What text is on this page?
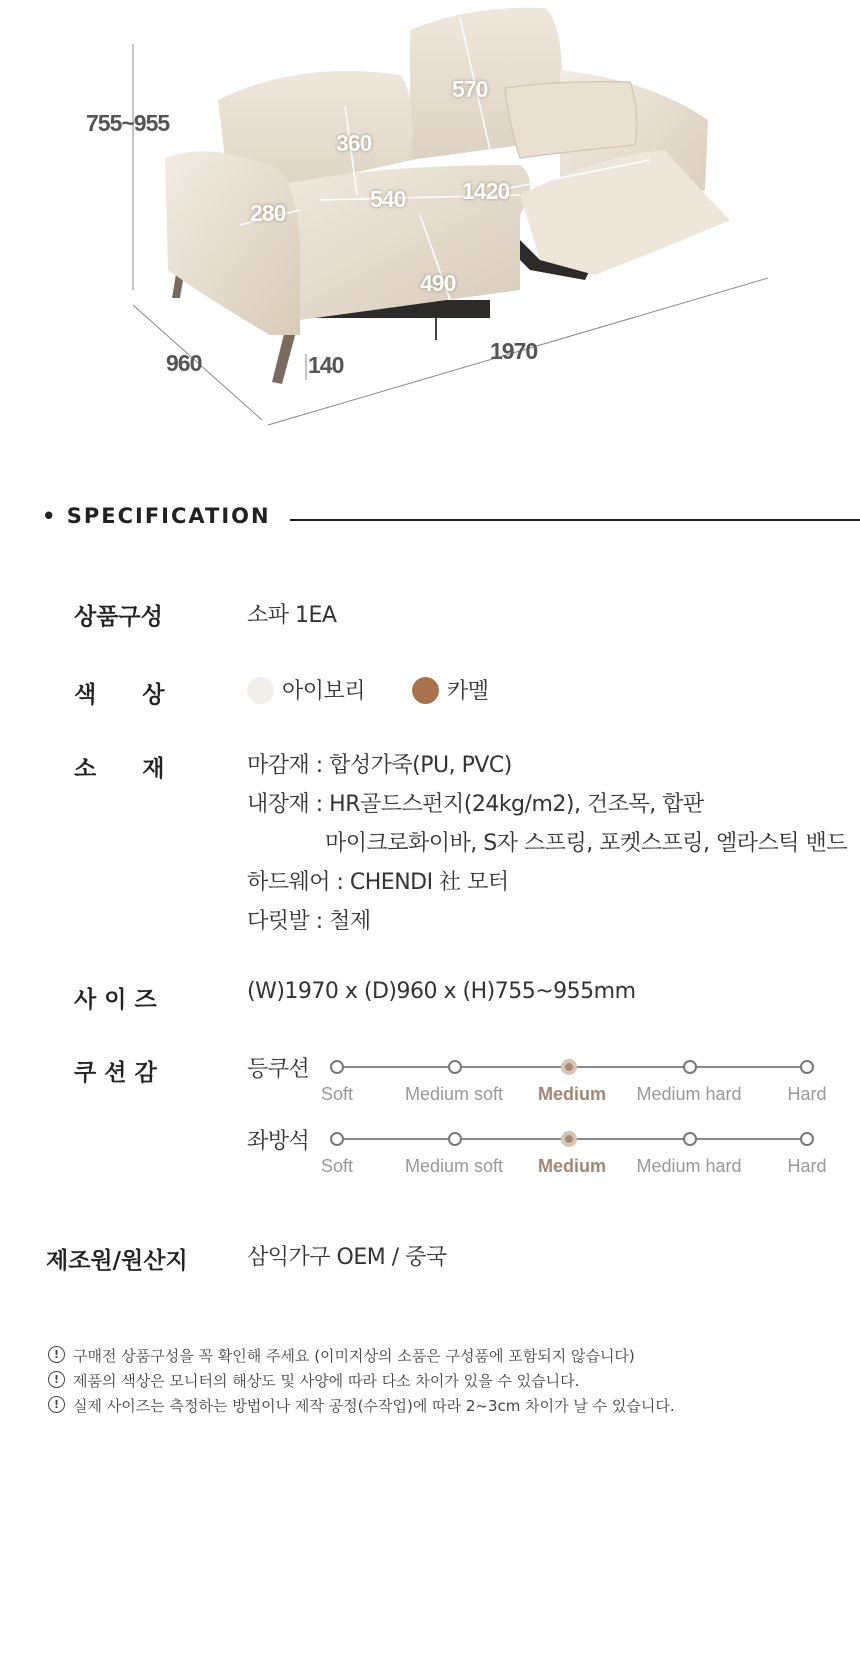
755~955
570
360
280
540 1420
490
960	140
1970
• SPECIFICATION
상품구성	소파 1EA
색　　상	아이보리	카멜
소　　재	마감재 : 합성가죽(PU, PVC)
내장재 : HR골드스펀지(24kg/m2), 건조목, 합판
마이크로화이바, S자 스프링, 포켓스프링, 엘라스틱 밴드
하드웨어 : CHENDI 社 모터
다릿발 : 철제
사 이 즈	(W)1970 x (D)960 x (H)755~955mm
쿠 션 감	등쿠션
Soft	Medium soft Medium Medium hard	Hard
좌방석
Soft	Medium soft Medium Medium hard	Hard
제조원/원산지	삼익가구 OEM / 중국
! 구매전 상품구성을 꼭 확인해 주세요 (이미지상의 소품은 구성품에 포함되지 않습니다)
! 제품의 색상은 모니터의 해상도 및 사양에 따라 다소 차이가 있을 수 있습니다.
! 실제 사이즈는 측정하는 방법이나 제작 공정(수작업)에 따라 2~3cm 차이가 날 수 있습니다.
